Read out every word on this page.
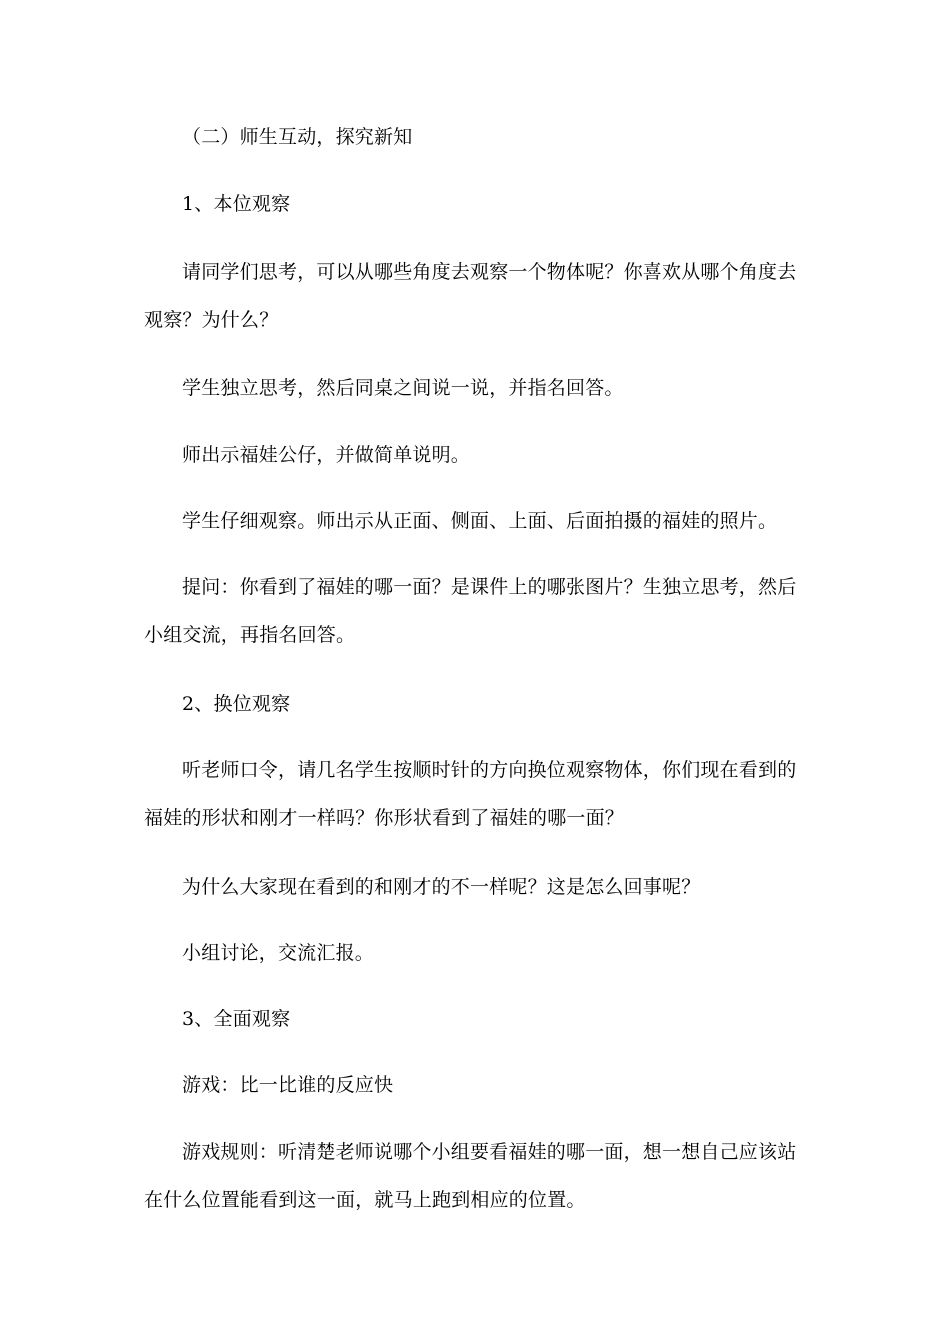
（二）师生互动，探究新知

1、本位观察

请同学们思考，可以从哪些角度去观察一个物体呢？你喜欢从哪个角度去观察？为什么？

学生独立思考，然后同桌之间说一说，并指名回答。

师出示福娃公仔，并做简单说明。

学生仔细观察。师出示从正面、侧面、上面、后面拍摄的福娃的照片。

提问：你看到了福娃的哪一面？是课件上的哪张图片？生独立思考，然后小组交流，再指名回答。

2、换位观察

听老师口令，请几名学生按顺时针的方向换位观察物体，你们现在看到的福娃的形状和刚才一样吗？你形状看到了福娃的哪一面？

为什么大家现在看到的和刚才的不一样呢？这是怎么回事呢？

小组讨论，交流汇报。

3、全面观察

游戏：比一比谁的反应快

游戏规则：听清楚老师说哪个小组要看福娃的哪一面，想一想自己应该站在什么位置能看到这一面，就马上跑到相应的位置。
